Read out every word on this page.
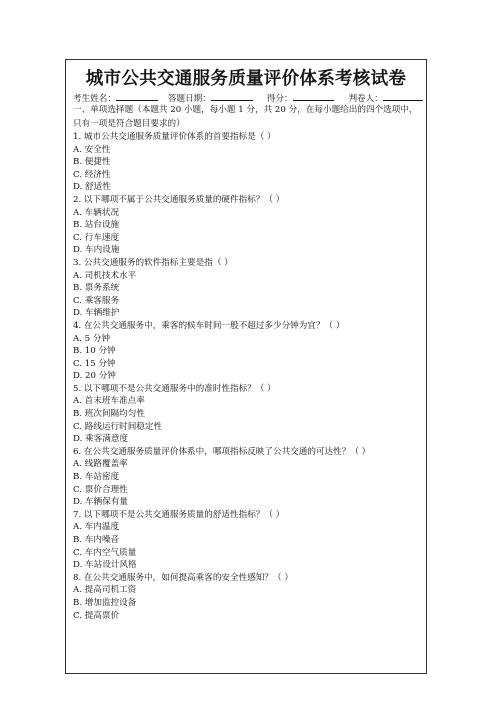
城市公共交通服务质量评价体系考核试卷
考生姓名：	答题日期：	得分：	判卷人：
一、单项选择题（本题共 20 小题，每小题 1 分，共 20 分，在每小题给出的四个选项中，只有一项是符合题目要求的）
1. 城市公共交通服务质量评价体系的首要指标是（ ）
A. 安全性
B. 便捷性
C. 经济性
D. 舒适性
2. 以下哪项不属于公共交通服务质量的硬件指标？（ ）
A. 车辆状况
B. 站台设施
C. 行车速度
D. 车内设施
3. 公共交通服务的软件指标主要是指（ ）
A. 司机技术水平
B. 票务系统
C. 乘客服务
D. 车辆维护
4. 在公共交通服务中，乘客的候车时间一般不超过多少分钟为宜？（ ）
A. 5 分钟
B. 10 分钟
C. 15 分钟
D. 20 分钟
5. 以下哪项不是公共交通服务中的准时性指标？（ ）
A. 首末班车准点率
B. 班次间隔均匀性
C. 路线运行时间稳定性
D. 乘客满意度
6. 在公共交通服务质量评价体系中，哪项指标反映了公共交通的可达性？（ ）
A. 线路覆盖率
B. 车站密度
C. 票价合理性
D. 车辆保有量
7. 以下哪项不是公共交通服务质量的舒适性指标？（ ）
A. 车内温度
B. 车内噪音
C. 车内空气质量
D. 车站设计风格
8. 在公共交通服务中，如何提高乘客的安全性感知？（ ）
A. 提高司机工资
B. 增加监控设备
C. 提高票价
